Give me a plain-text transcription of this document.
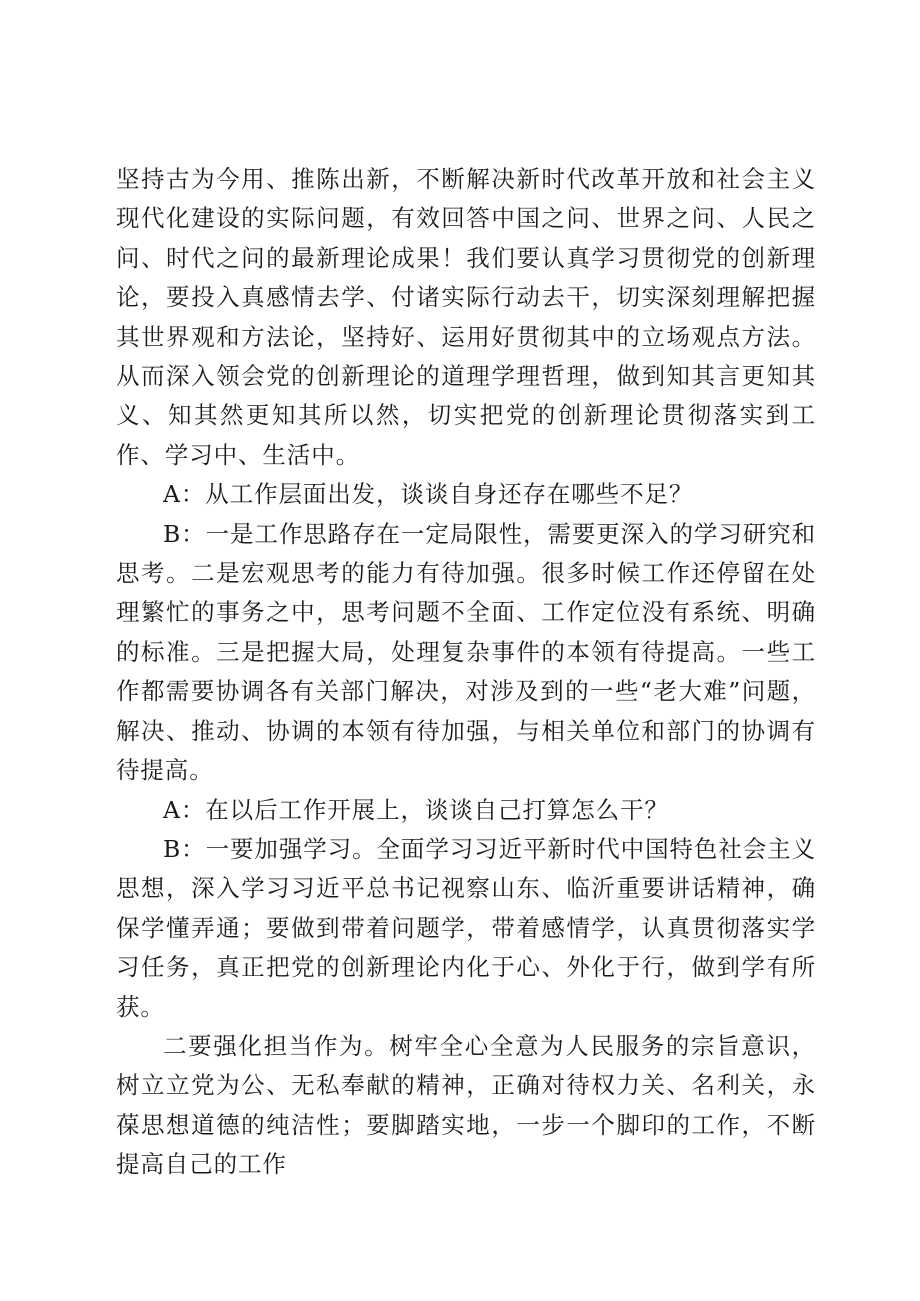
坚持古为今用、推陈出新，不断解决新时代改革开放和社会主义现代化建设的实际问题，有效回答中国之问、世界之问、人民之问、时代之问的最新理论成果！我们要认真学习贯彻党的创新理论，要投入真感情去学、付诸实际行动去干，切实深刻理解把握其世界观和方法论，坚持好、运用好贯彻其中的立场观点方法。从而深入领会党的创新理论的道理学理哲理，做到知其言更知其义、知其然更知其所以然，切实把党的创新理论贯彻落实到工作、学习中、生活中。

A：从工作层面出发，谈谈自身还存在哪些不足？

B：一是工作思路存在一定局限性，需要更深入的学习研究和思考。二是宏观思考的能力有待加强。很多时候工作还停留在处理繁忙的事务之中，思考问题不全面、工作定位没有系统、明确的标准。三是把握大局，处理复杂事件的本领有待提高。一些工作都需要协调各有关部门解决，对涉及到的一些“老大难”问题，解决、推动、协调的本领有待加强，与相关单位和部门的协调有待提高。

A：在以后工作开展上，谈谈自己打算怎么干？

B：一要加强学习。全面学习习近平新时代中国特色社会主义思想，深入学习习近平总书记视察山东、临沂重要讲话精神，确保学懂弄通；要做到带着问题学，带着感情学，认真贯彻落实学习任务，真正把党的创新理论内化于心、外化于行，做到学有所获。

二要强化担当作为。树牢全心全意为人民服务的宗旨意识，树立立党为公、无私奉献的精神，正确对待权力关、名利关，永葆思想道德的纯洁性；要脚踏实地，一步一个脚印的工作，不断提高自己的工作
